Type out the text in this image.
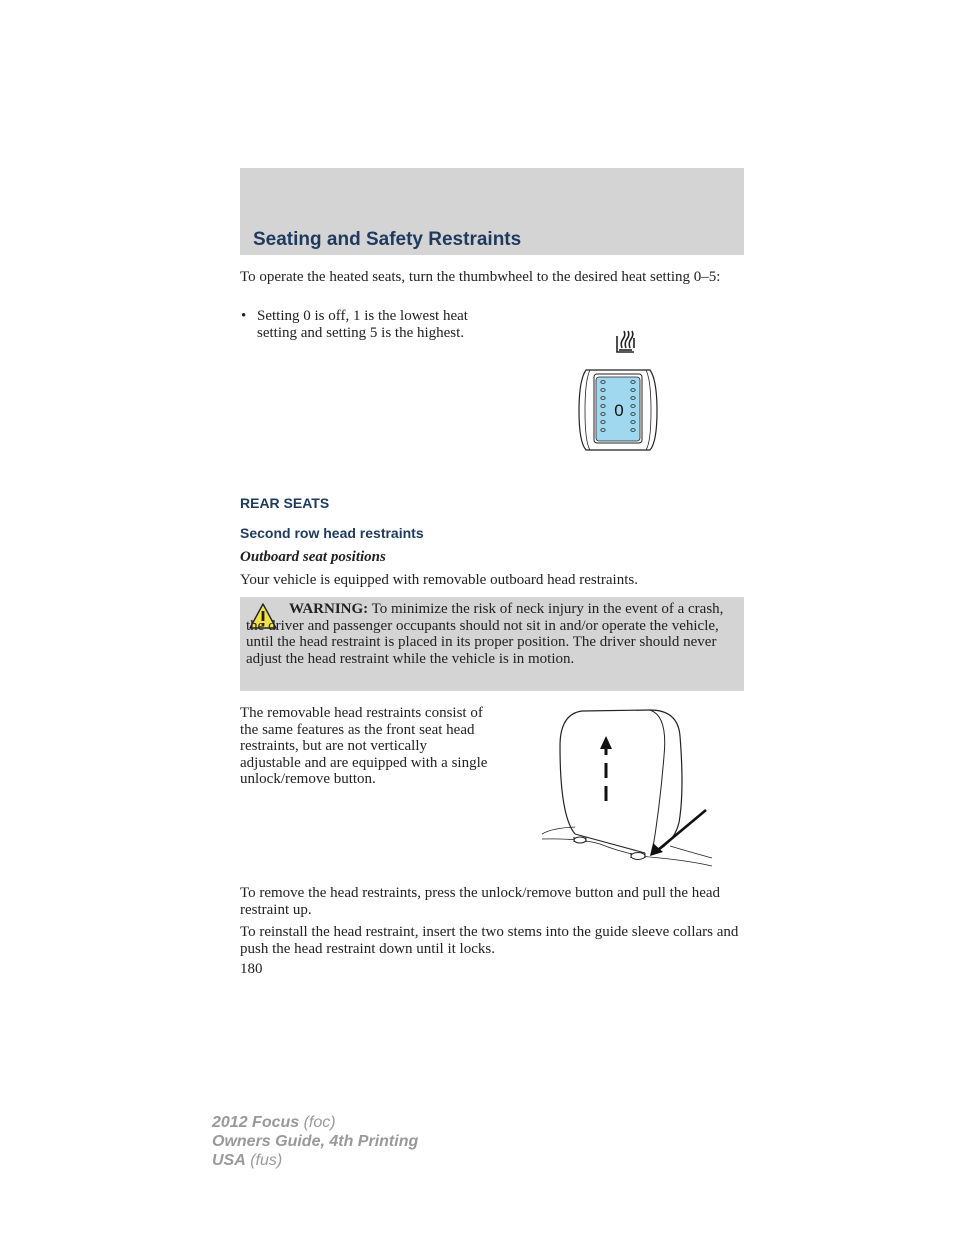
Seating and Safety Restraints

To operate the heated seats, turn the thumbwheel to the desired heat setting 0–5:

• Setting 0 is off, 1 is the lowest heat setting and setting 5 is the highest.
0
REAR SEATS
Second row head restraints

Outboard seat positions

Your vehicle is equipped with removable outboard head restraints.

WARNING: To minimize the risk of neck injury in the event of a crash, the driver and passenger occupants should not sit in and/or operate the vehicle, until the head restraint is placed in its proper position. The driver should never adjust the head restraint while the vehicle is in motion.

The removable head restraints consist of the same features as the front seat head restraints, but are not vertically adjustable and are equipped with a single unlock/remove button.

To remove the head restraints, press the unlock/remove button and pull the head restraint up.

To reinstall the head restraint, insert the two stems into the guide sleeve collars and push the head restraint down until it locks.

180
2012 Focus (foc)
Owners Guide, 4th Printing
USA (fus)
